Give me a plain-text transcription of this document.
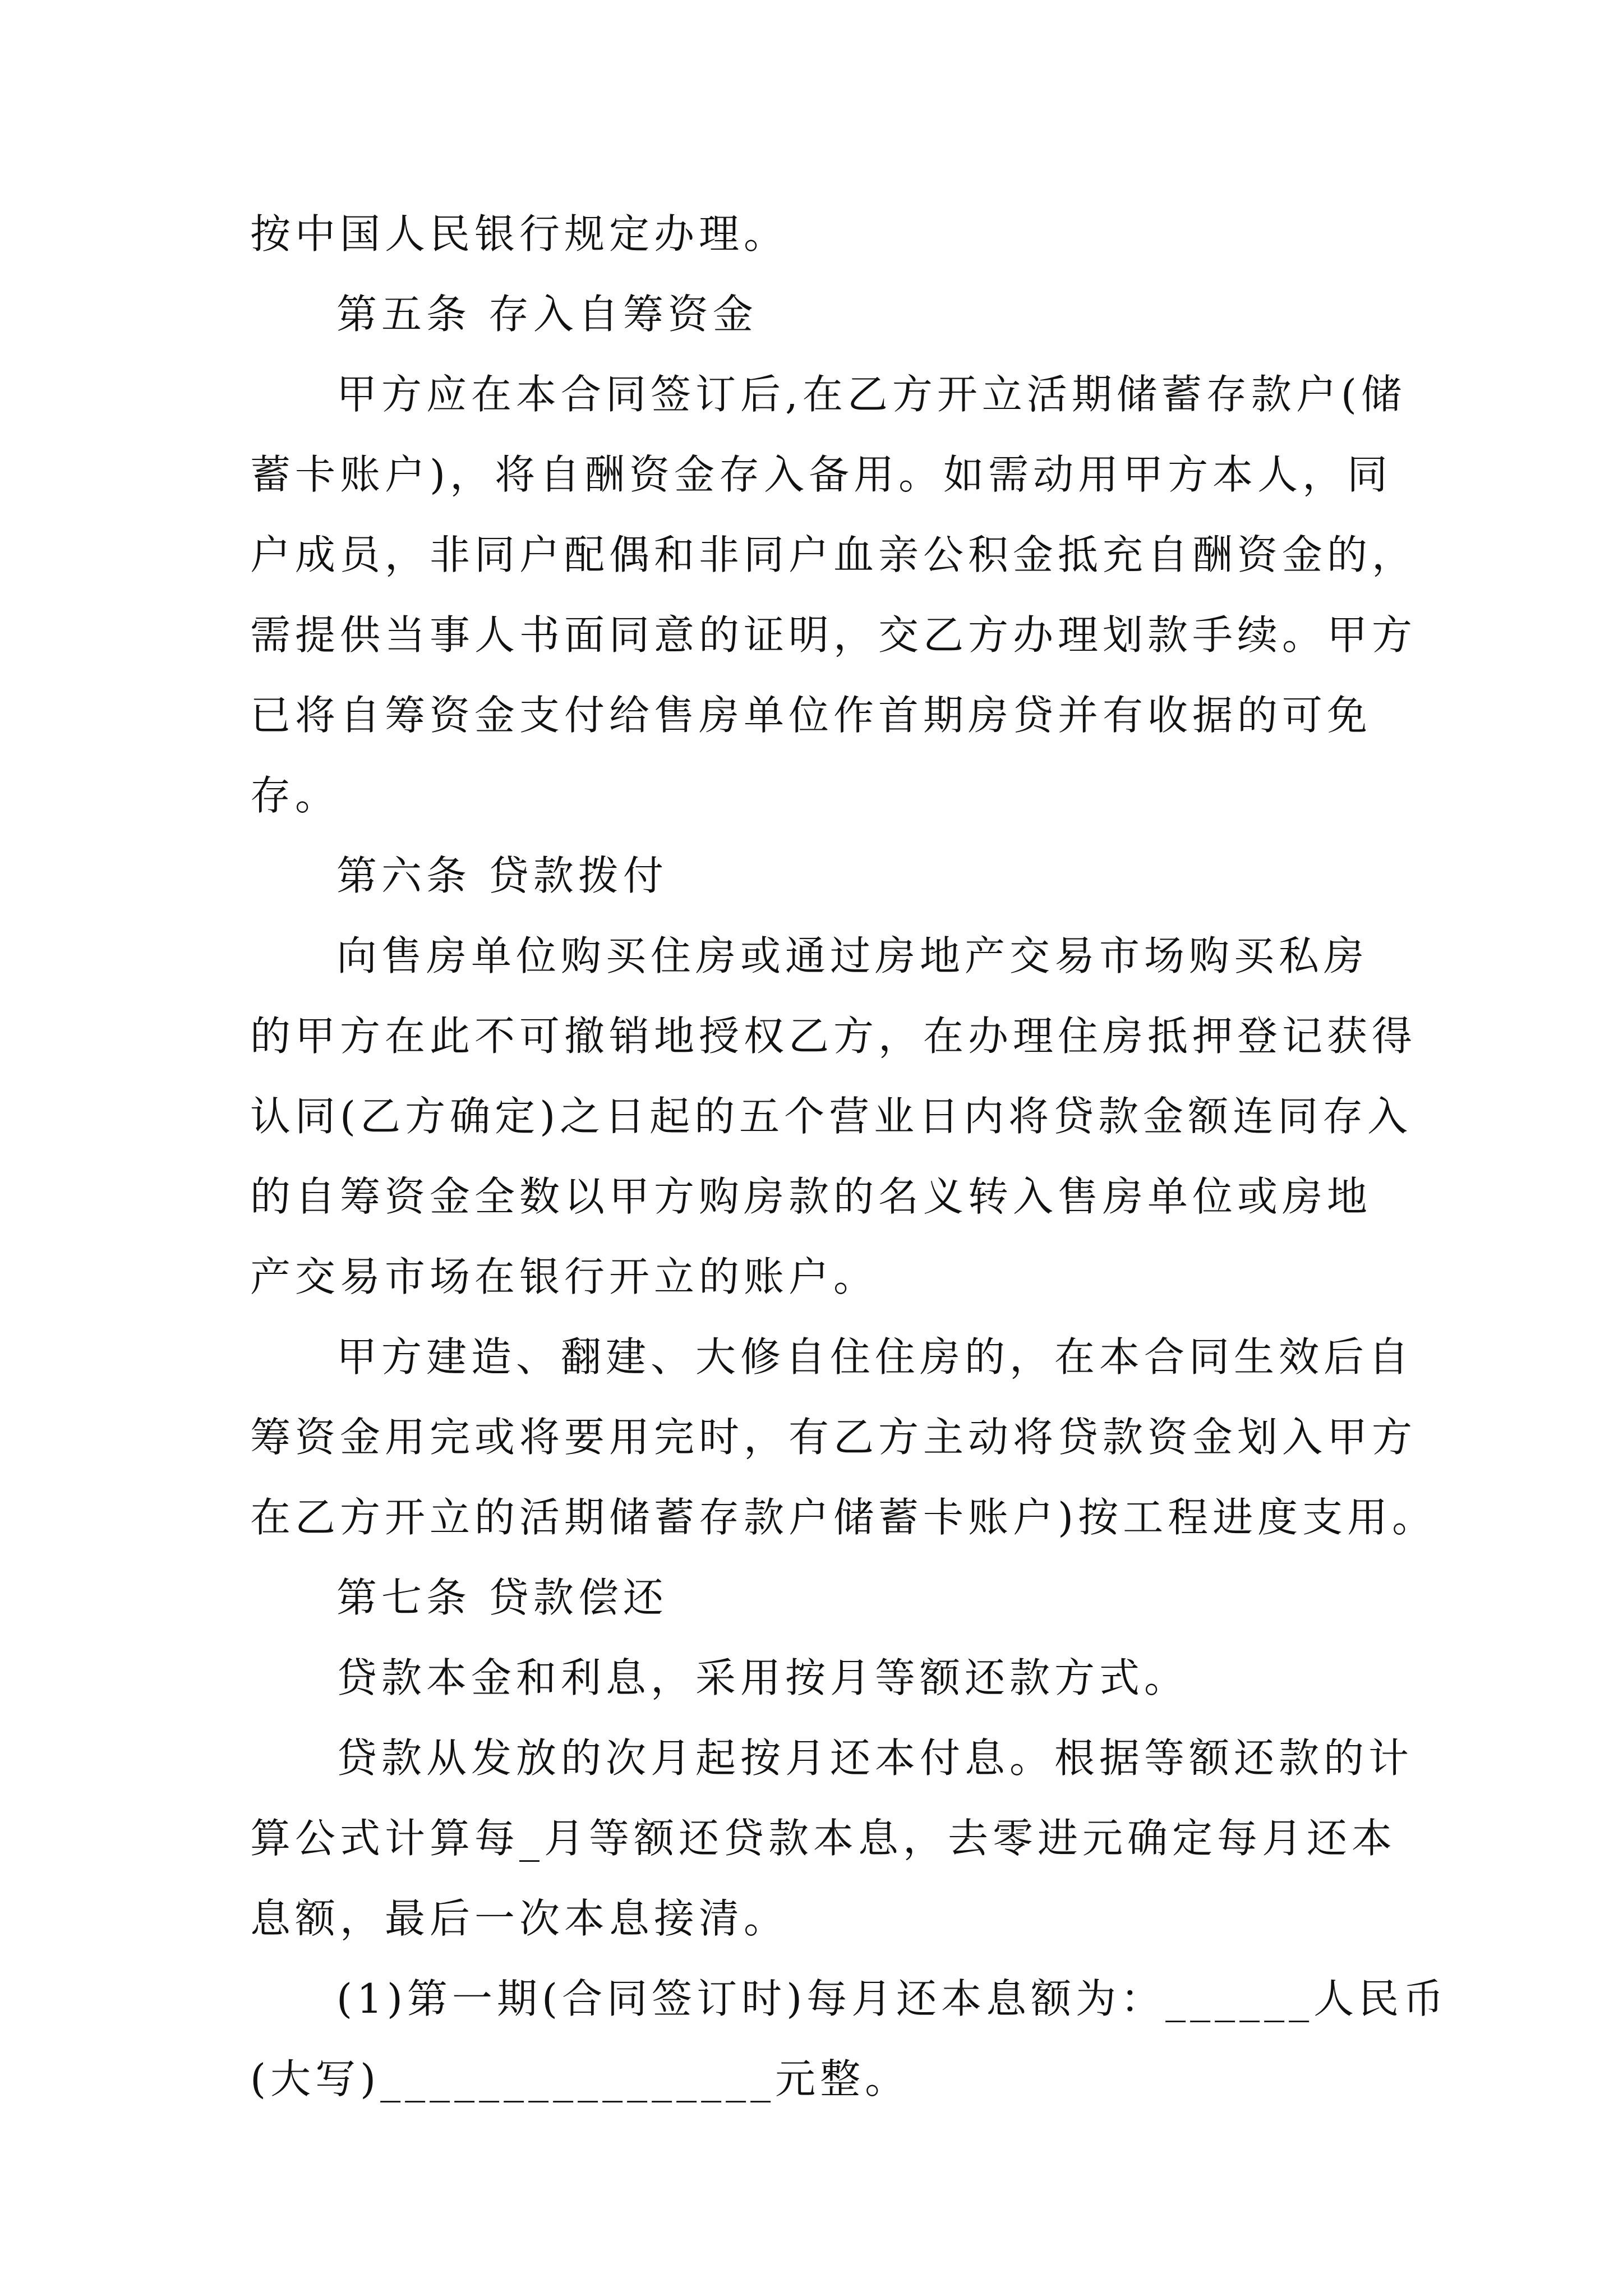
按中国人民银行规定办理。
第五条 存入自筹资金
甲方应在本合同签订后,在乙方开立活期储蓄存款户(储
蓄卡账户)，将自酬资金存入备用。如需动用甲方本人，同
户成员，非同户配偶和非同户血亲公积金抵充自酬资金的，
需提供当事人书面同意的证明，交乙方办理划款手续。甲方
已将自筹资金支付给售房单位作首期房贷并有收据的可免
存。
第六条 贷款拨付
向售房单位购买住房或通过房地产交易市场购买私房
的甲方在此不可撤销地授权乙方，在办理住房抵押登记获得
认同(乙方确定)之日起的五个营业日内将贷款金额连同存入
的自筹资金全数以甲方购房款的名义转入售房单位或房地
产交易市场在银行开立的账户。
甲方建造、翻建、大修自住住房的，在本合同生效后自
筹资金用完或将要用完时，有乙方主动将贷款资金划入甲方
在乙方开立的活期储蓄存款户储蓄卡账户)按工程进度支用。
第七条 贷款偿还
贷款本金和利息，采用按月等额还款方式。
贷款从发放的次月起按月还本付息。根据等额还款的计
算公式计算每_月等额还贷款本息，去零进元确定每月还本
息额，最后一次本息接清。
(1)第一期(合同签订时)每月还本息额为：______人民币
(大写)________________元整。
